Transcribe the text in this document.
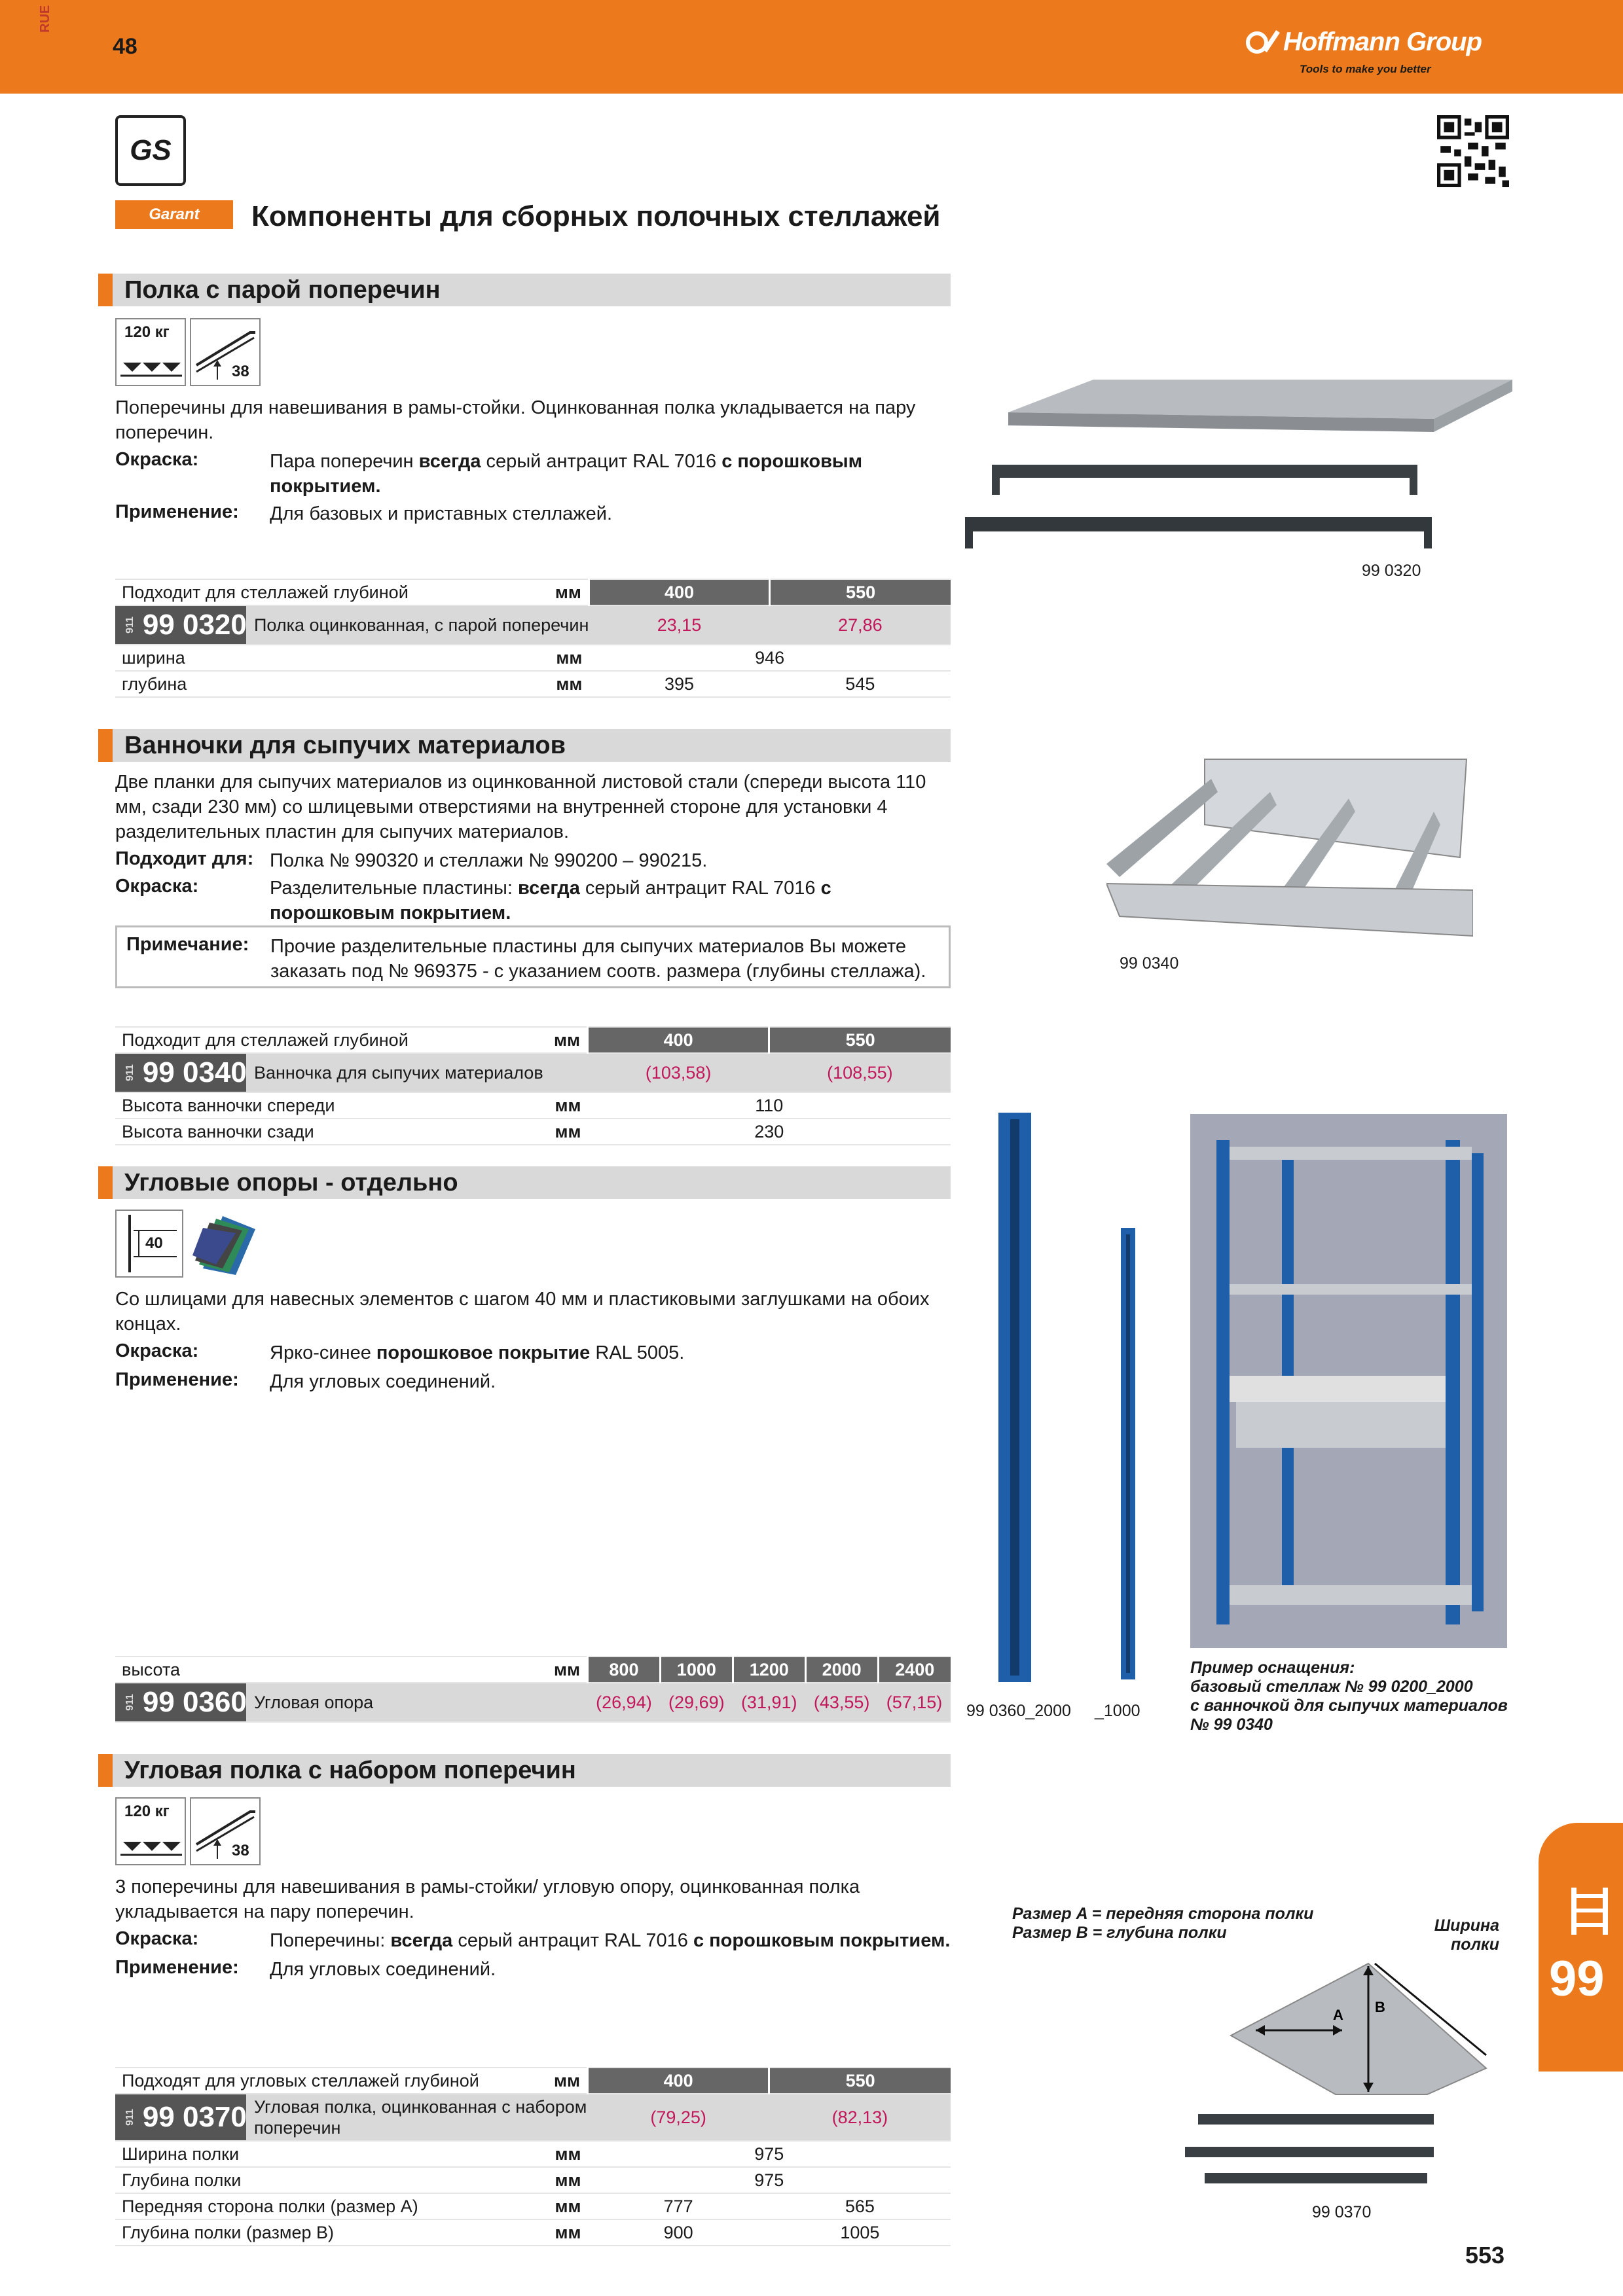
RUE
48	Hoffmann Group
Tools to make you better
GS
Garant	Компоненты для сборных полочных стеллажей
Полка с парой поперечин
120 кг
38
Поперечины для навешивания в рамы-стойки. Оцинкованная полка укладывается на пару поперечин.
Окраска:	Пара поперечин всегда серый антрацит RAL 7016 с порошковым покрытием.
Применение: Для базовых и приставных стеллажей.
99 0320
Подходит для стеллажей глубиной	мм	400	550

911 99 0320 Полка оцинкованная, с парой поперечин		23,15	27,86
ширина	мм	946	
глубина	мм	395	545
Ванночки для сыпучих материалов
Две планки для сыпучих материалов из оцинкованной листовой стали (спереди высота 110 мм, сзади 230 мм) со шлицевыми отверстиями на внутренней стороне для установки 4 разделительных пластин для сыпучих материалов.
Подходит для: Полка № 990320 и стеллажи № 990200 – 990215.
Окраска:	Разделительные пластины: всегда серый антрацит RAL 7016 с порошковым покрытием.
Примечание: Прочие разделительные пластины для сыпучих материалов Вы можете заказать под № 969375 - с указанием соотв. размера (глубины стеллажа).	99 0340
Подходит для стеллажей глубиной	мм	400	550

911 99 0340 Ванночка для сыпучих материалов		(103,58)	(108,55)
Высота ванночки спереди	мм	110	
Высота ванночки сзади	мм	230	
Угловые опоры - отдельно
40
Со шлицами для навесных элементов с шагом 40 мм и пластиковыми заглушками на обоих концах.
Окраска:	Ярко-синее порошковое покрытие RAL 5005.
Применение: Для угловых соединений.
99 0360_2000 _1000
Пример оснащения:
базовый стеллаж № 99 0200_2000
с ванночкой для сыпучих материалов
№ 99 0340
высота	мм	800	1000	1200	2000	2400

911 99 0360 Угловая опора		(26,94)	(29,69)	(31,91)	(43,55)	(57,15)
Угловая полка с набором поперечин
120 кг
38
3 поперечины для навешивания в рамы-стойки/ угловую опору, оцинкованная полка укладывается на пару поперечин.
Окраска:	Поперечины: всегда серый антрацит RAL 7016 с порошковым покрытием.
Применение: Для угловых соединений.
Размер A = передняя сторона полки
Размер B = глубина полки	Ширина
полки
A B
99 0370
Подходят для угловых стеллажей глубиной	мм	400	550

911 99 0370 Угловая полка, оцинкованная с набором
поперечин		(79,25)	(82,13)
Ширина полки	мм	975	
Глубина полки	мм	975	
Передняя сторона полки (размер A)	мм	777	565
Глубина полки (размер B)	мм	900	1005
99
553
